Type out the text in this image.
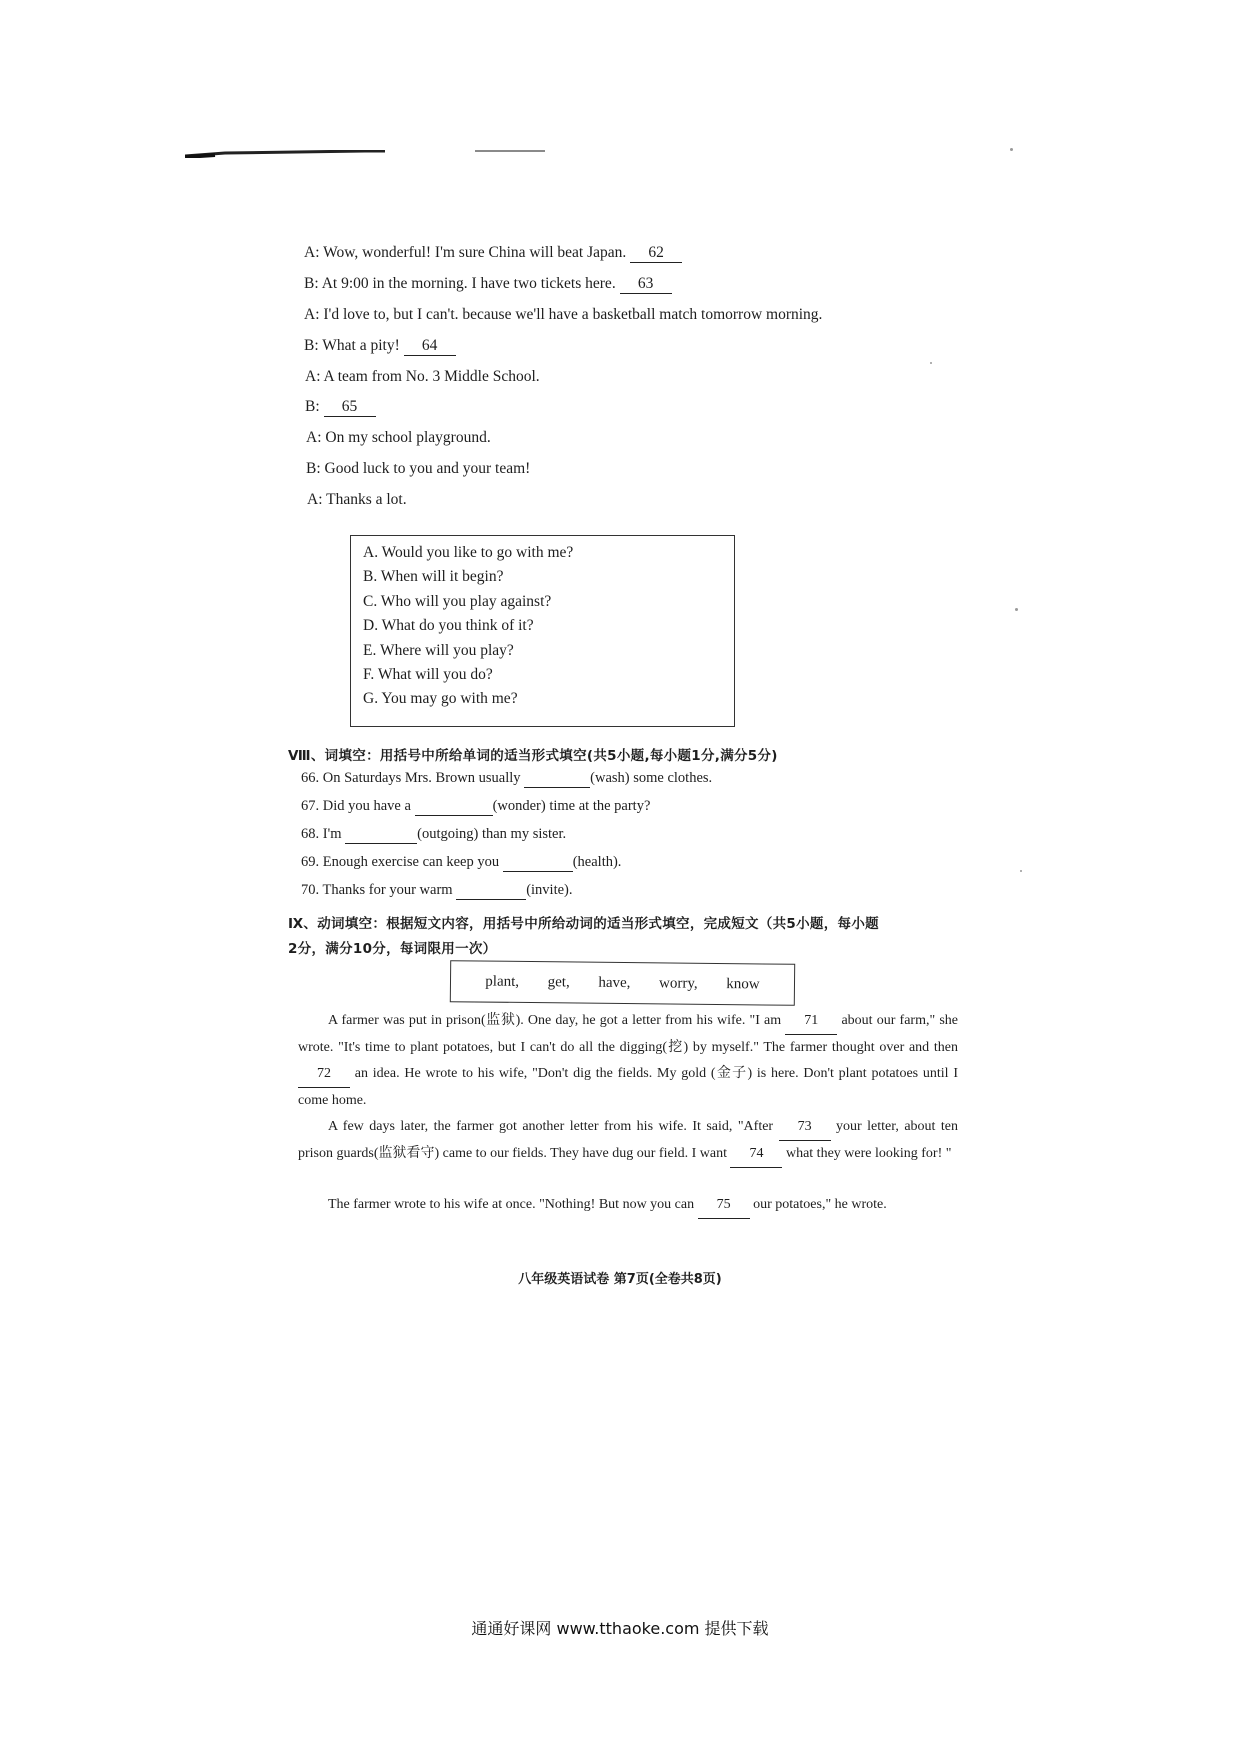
A: Wow, wonderful! I'm sure China will beat Japan. 62
B: At 9:00 in the morning. I have two tickets here. 63
A: I'd love to, but I can't. because we'll have a basketball match tomorrow morning.
B: What a pity! 64
A: A team from No. 3 Middle School.
B: 65
A: On my school playground.
B: Good luck to you and your team!
A: Thanks a lot.
A. Would you like to go with me?
B. When will it begin?
C. Who will you play against?
D. What do you think of it?
E. Where will you play?
F. What will you do?
G. You may go with me?
Ⅷ、词填空：用括号中所给单词的适当形式填空(共5小题,每小题1分,满分5分)
66. On Saturdays Mrs. Brown usually	(wash) some clothes.
67. Did you have a	(wonder) time at the party?
68. I'm	(outgoing) than my sister.
69. Enough exercise can keep you	(health).
70. Thanks for your warm	(invite).
Ⅸ、动词填空：根据短文内容，用括号中所给动词的适当形式填空，完成短文（共5小题，每小题
2分，满分10分，每词限用一次）
plant, get, have, worry, know
A farmer was put in prison(监狱). One day, he got a letter from his wife. "I am 71 about our farm," she wrote. "It's time to plant potatoes, but I can't do all the digging(挖) by myself." The farmer thought over and then 72 an idea. He wrote to his wife, "Don't dig the fields. My gold (金子) is here. Don't plant potatoes until I come home.
A few days later, the farmer got another letter from his wife. It said, "After 73 your letter, about ten prison guards(监狱看守) came to our fields. They have dug our field. I want 74 what they were looking for! "
The farmer wrote to his wife at once. "Nothing! But now you can 75 our potatoes," he wrote.
八年级英语试卷 第7页(全卷共8页)
通通好课网 www.tthaoke.com 提供下载
